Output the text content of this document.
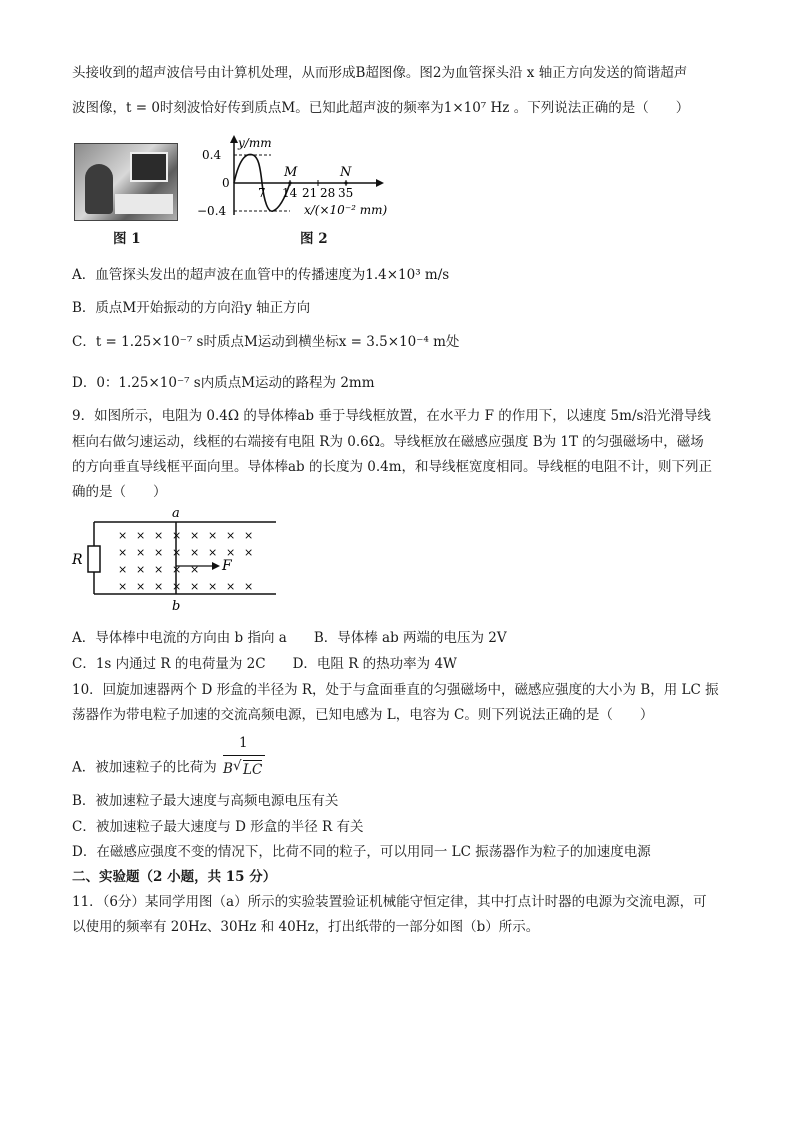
头接收到的超声波信号由计算机处理，从而形成B超图像。图2为血管探头沿 x 轴正方向发送的简谐超声
波图像，t = 0时刻波恰好传到质点M。已知此超声波的频率为1×10⁷ Hz 。下列说法正确的是（　　）
图 1
y/mm
0.4
0
−0.4
7 14 21 28 35
M	N
x/(×10⁻² mm)
图 2
A．血管探头发出的超声波在血管中的传播速度为1.4×10³ m/s
B．质点M开始振动的方向沿y 轴正方向
C．t = 1.25×10⁻⁷ s时质点M运动到横坐标x = 3.5×10⁻⁴ m处
D．0：1.25×10⁻⁷ s内质点M运动的路程为 2mm
9．如图所示，电阻为 0.4Ω 的导体棒ab 垂于导线框放置，在水平力 F 的作用下，以速度 5m/s沿光滑导线
框向右做匀速运动，线框的右端接有电阻 R为 0.6Ω。导线框放在磁感应强度 B为 1T 的匀强磁场中，磁场
的方向垂直导线框平面向里。导体棒ab 的长度为 0.4m，和导线框宽度相同。导线框的电阻不计，则下列正
确的是（　　）
a
b
R	F
× × × × × × × ×
× × × × × × × ×
× × × × ×
× × × × × × × ×
A．导体棒中电流的方向由 b 指向 a　　B．导体棒 ab 两端的电压为 2V
C．1s 内通过 R 的电荷量为 2C　　D．电阻 R 的热功率为 4W
10．回旋加速器两个 D 形盒的半径为 R，处于与盒面垂直的匀强磁场中，磁感应强度的大小为 B，用 LC 振
荡器作为带电粒子加速的交流高频电源，已知电感为 L，电容为 C。则下列说法正确的是（　　）
A．被加速粒子的比荷为
1
B √ LC
B．被加速粒子最大速度与高频电源电压有关
C．被加速粒子最大速度与 D 形盒的半径 R 有关
D．在磁感应强度不变的情况下，比荷不同的粒子，可以用同一 LC 振荡器作为粒子的加速度电源
二、实验题（2 小题，共 15 分）
11．（6分）某同学用图（a）所示的实验装置验证机械能守恒定律，其中打点计时器的电源为交流电源，可
以使用的频率有 20Hz、30Hz 和 40Hz，打出纸带的一部分如图（b）所示。
